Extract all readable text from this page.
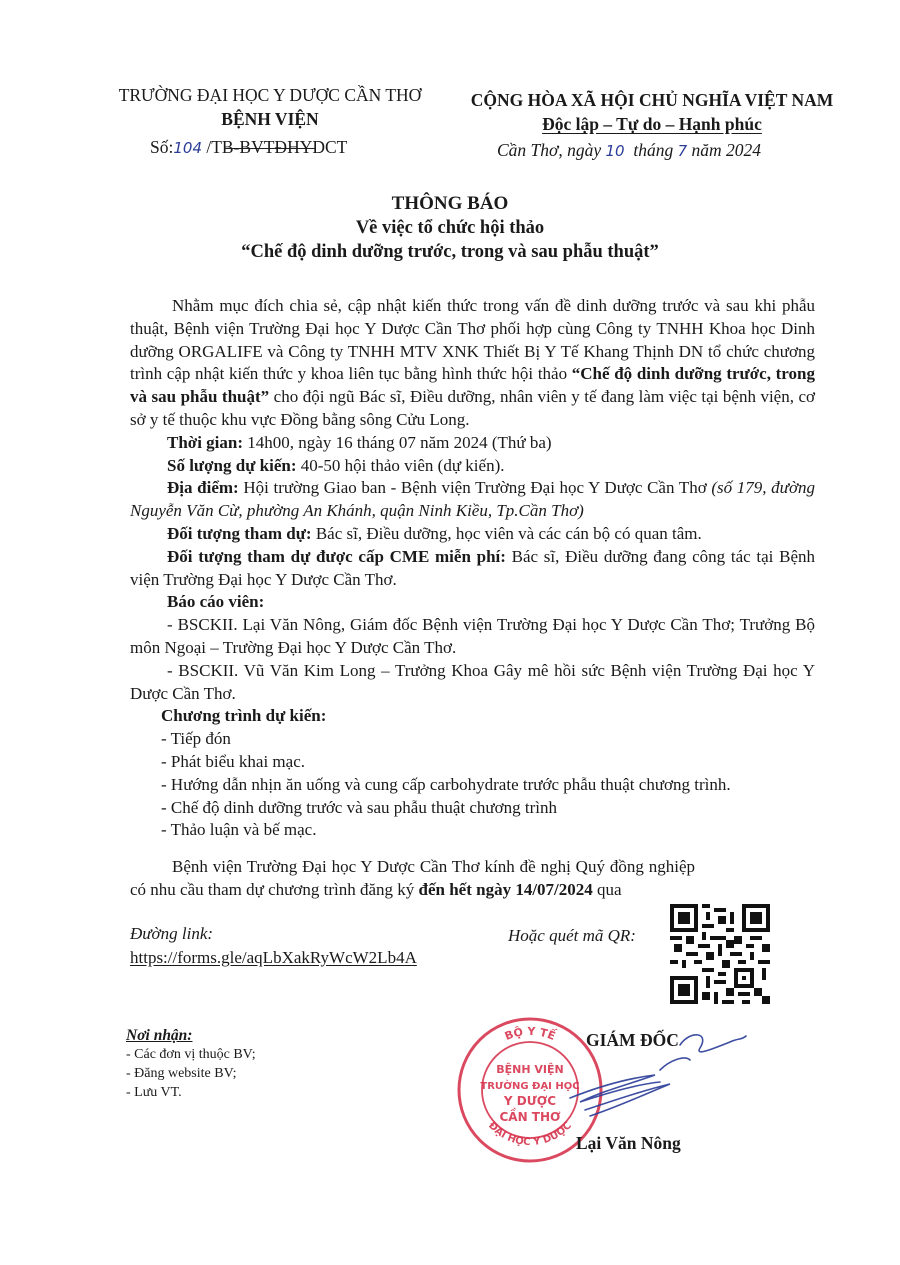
TRƯỜNG ĐẠI HỌC Y DƯỢC CẦN THƠ
BỆNH VIỆN
Số:104 /TB-BVTĐHYDCT
CỘNG HÒA XÃ HỘI CHỦ NGHĨA VIỆT NAM
Độc lập – Tự do – Hạnh phúc
Cần Thơ, ngày 10 tháng 7 năm 2024
THÔNG BÁO
Về việc tổ chức hội thảo
“Chế độ dinh dưỡng trước, trong và sau phẫu thuật”

Nhằm mục đích chia sẻ, cập nhật kiến thức trong vấn đề dinh dưỡng trước và sau khi phẫu thuật, Bệnh viện Trường Đại học Y Dược Cần Thơ phối hợp cùng Công ty TNHH Khoa học Dinh dưỡng ORGALIFE và Công ty TNHH MTV XNK Thiết Bị Y Tế Khang Thịnh DN tổ chức chương trình cập nhật kiến thức y khoa liên tục bằng hình thức hội thảo “Chế độ dinh dưỡng trước, trong và sau phẫu thuật” cho đội ngũ Bác sĩ, Điều dưỡng, nhân viên y tế đang làm việc tại bệnh viện, cơ sở y tế thuộc khu vực Đồng bằng sông Cửu Long.

Thời gian: 14h00, ngày 16 tháng 07 năm 2024 (Thứ ba)

Số lượng dự kiến: 40-50 hội thảo viên (dự kiến).

Địa điểm: Hội trường Giao ban - Bệnh viện Trường Đại học Y Dược Cần Thơ (số 179, đường Nguyễn Văn Cừ, phường An Khánh, quận Ninh Kiều, Tp.Cần Thơ)

Đối tượng tham dự: Bác sĩ, Điều dưỡng, học viên và các cán bộ có quan tâm.

Đối tượng tham dự được cấp CME miễn phí: Bác sĩ, Điều dưỡng đang công tác tại Bệnh viện Trường Đại học Y Dược Cần Thơ.

Báo cáo viên:

- BSCKII. Lại Văn Nông, Giám đốc Bệnh viện Trường Đại học Y Dược Cần Thơ; Trưởng Bộ môn Ngoại – Trường Đại học Y Dược Cần Thơ.

- BSCKII. Vũ Văn Kim Long – Trưởng Khoa Gây mê hồi sức Bệnh viện Trường Đại học Y Dược Cần Thơ.

Chương trình dự kiến:

- Tiếp đón

- Phát biểu khai mạc.

- Hướng dẫn nhịn ăn uống và cung cấp carbohydrate trước phẫu thuật chương trình.

- Chế độ dinh dưỡng trước và sau phẫu thuật chương trình

- Thảo luận và bế mạc.

Bệnh viện Trường Đại học Y Dược Cần Thơ kính đề nghị Quý đồng nghiệp có nhu cầu tham dự chương trình đăng ký đến hết ngày 14/07/2024 qua

Đường link:
https://forms.gle/aqLbXakRyWcW2Lb4A
Hoặc quét mã QR:
Nơi nhận:
- Các đơn vị thuộc BV;
- Đăng website BV;
- Lưu VT.
BỘ Y TẾ
ĐẠI HỌC Y DƯỢC
BỆNH VIỆN
TRƯỜNG ĐẠI HỌC
Y DƯỢC
CẦN THƠ
GIÁM ĐỐC
Lại Văn Nông
